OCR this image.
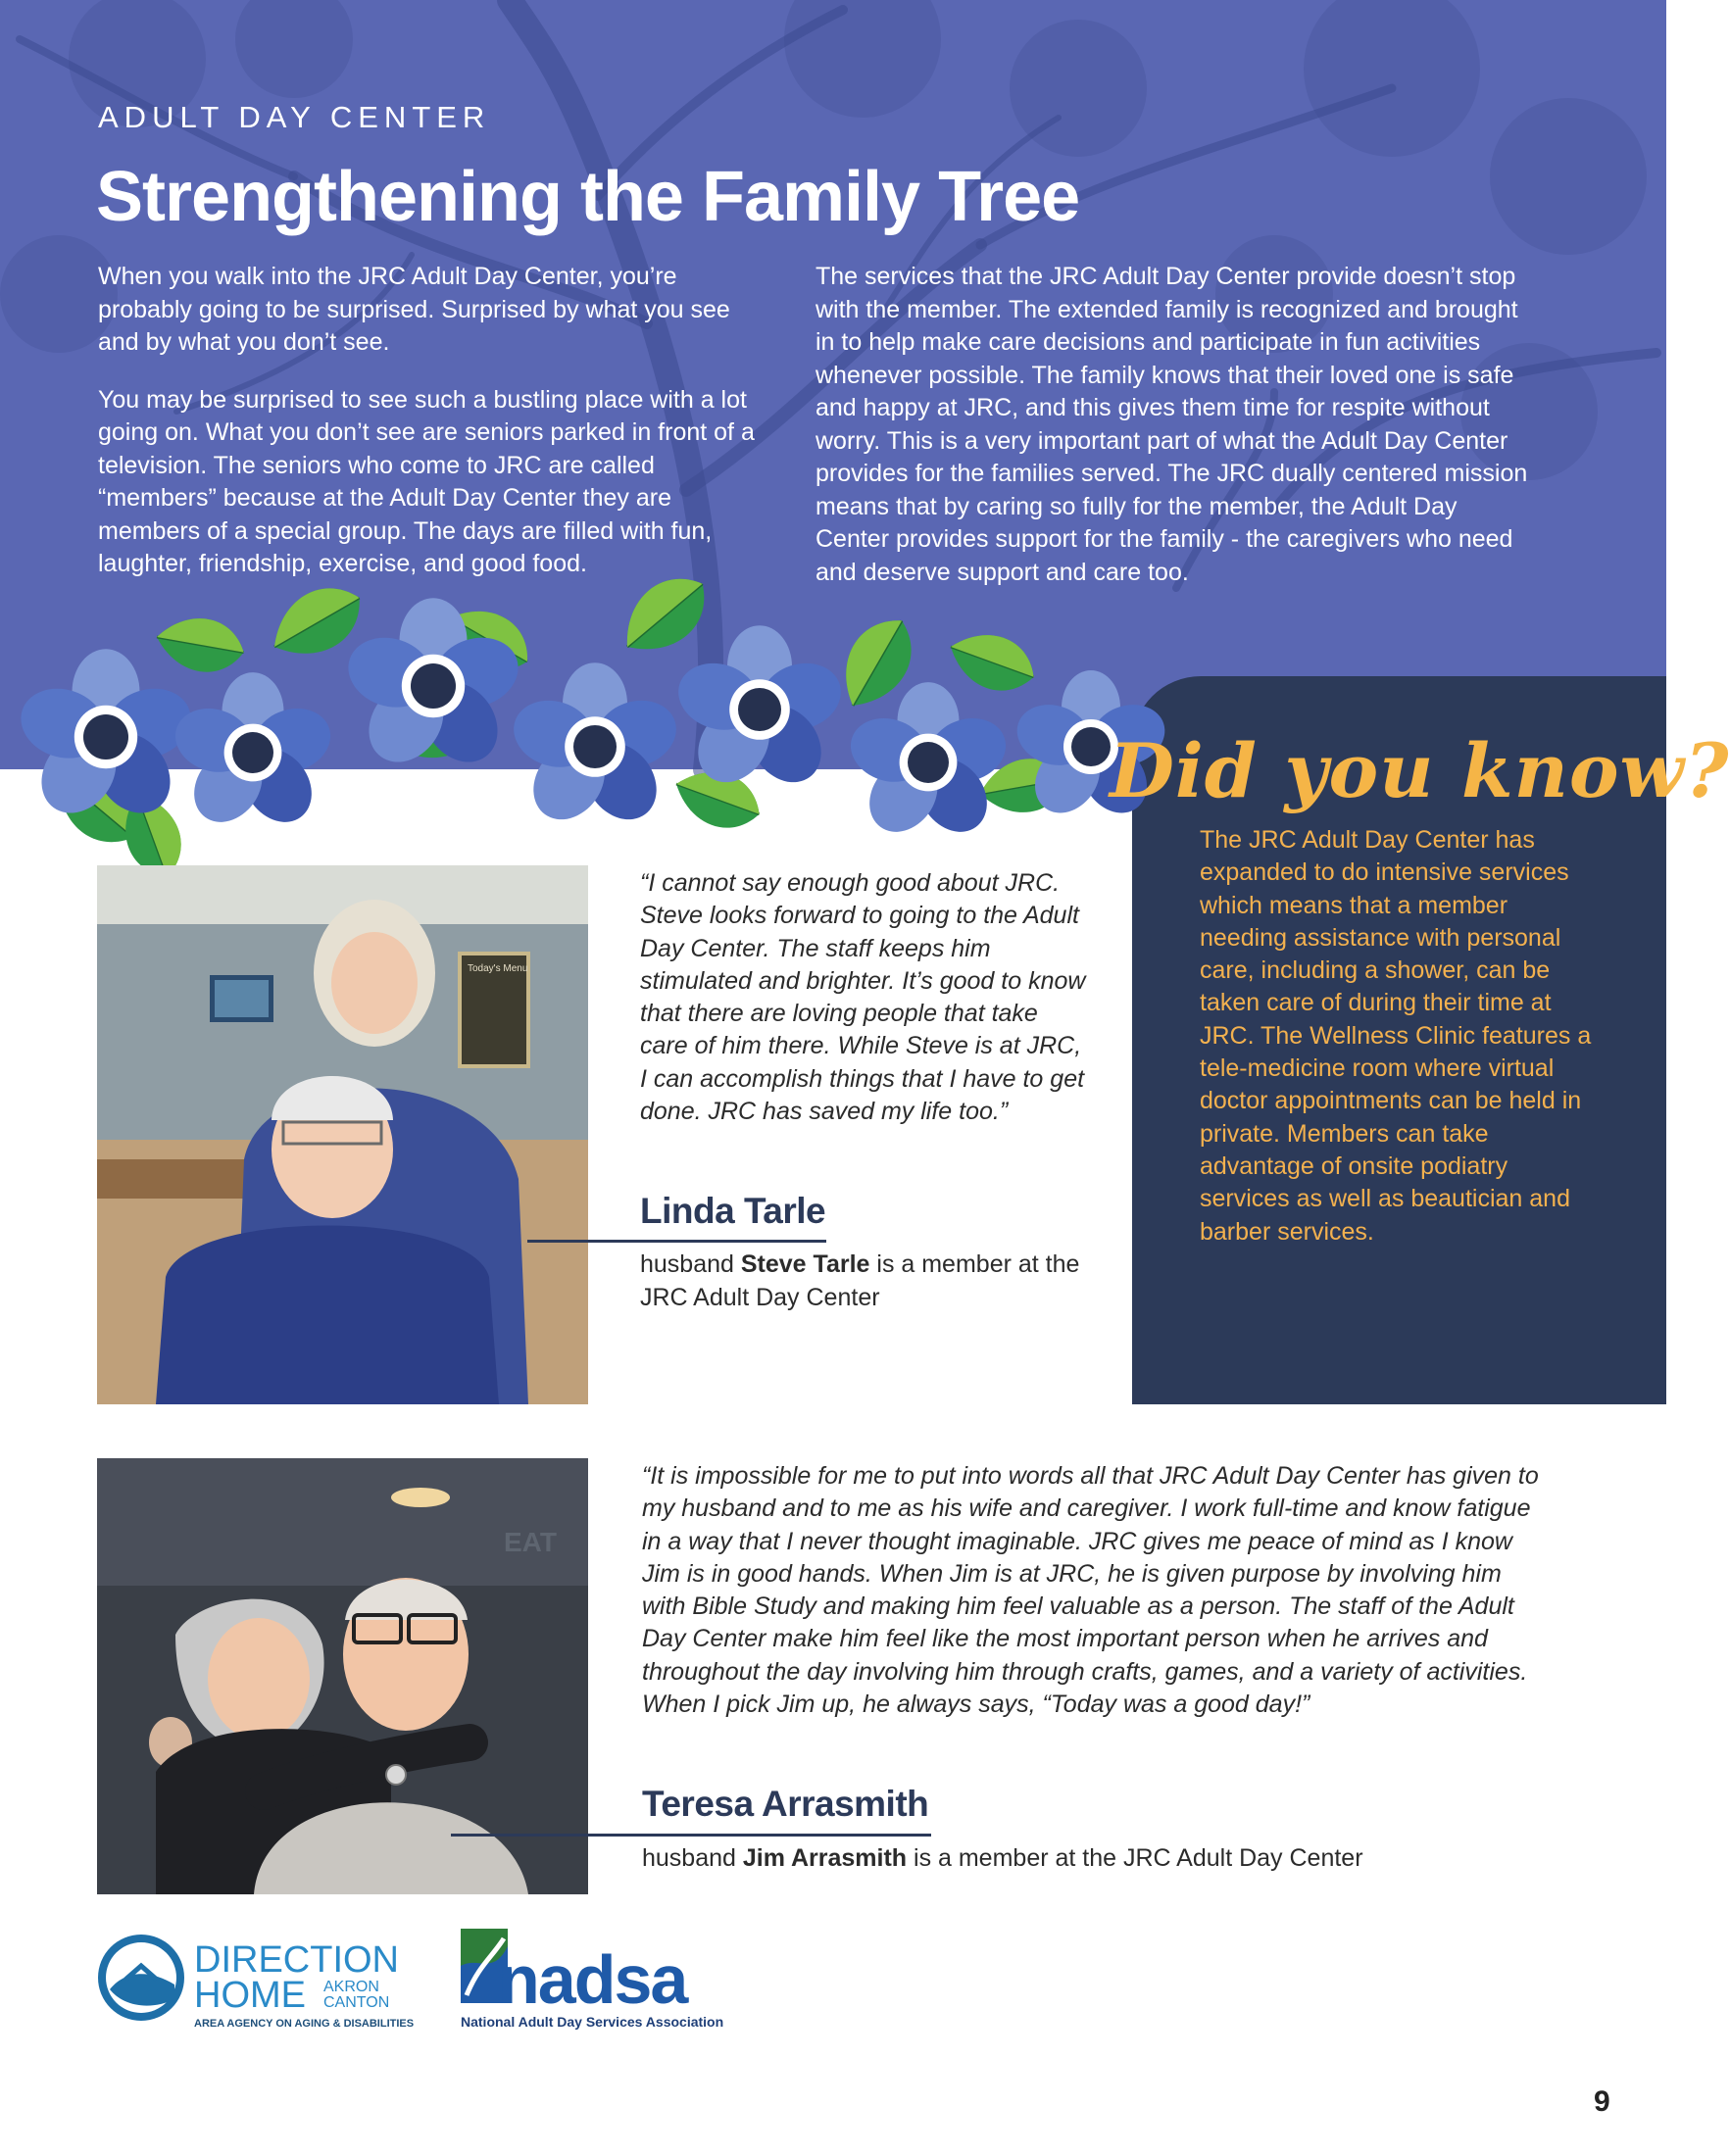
ADULT DAY CENTER
Strengthening the Family Tree

When you walk into the JRC Adult Day Center, you’re probably going to be surprised. Surprised by what you see and by what you don’t see.

You may be surprised to see such a bustling place with a lot going on. What you don’t see are seniors parked in front of a television. The seniors who come to JRC are called “members” because at the Adult Day Center they are members of a special group. The days are filled with fun, laughter, friendship, exercise, and good food.

The services that the JRC Adult Day Center provide doesn’t stop with the member. The extended family is recognized and brought in to help make care decisions and participate in fun activities whenever possible. The family knows that their loved one is safe and happy at JRC, and this gives them time for respite without worry. This is a very important part of what the Adult Day Center provides for the families served. The JRC dually centered mission means that by caring so fully for the member, the Adult Day Center provides support for the family - the caregivers who need and deserve support and care too.

Did you know?
The JRC Adult Day Center has expanded to do intensive services which means that a member needing assistance with personal care, including a shower, can be taken care of during their time at JRC. The Wellness Clinic features a tele-medicine room where virtual doctor appointments can be held in private. Members can take advantage of onsite podiatry services as well as beautician and barber services.
Today's Menu
“I cannot say enough good about JRC. Steve looks forward to going to the Adult Day Center. The staff keeps him stimulated and brighter. It’s good to know that there are loving people that take care of him there. While Steve is at JRC, I can accomplish things that I have to get done. JRC has saved my life too.”
Linda Tarle
husband Steve Tarle is a member at the JRC Adult Day Center
EAT
“It is impossible for me to put into words all that JRC Adult Day Center has given to my husband and to me as his wife and caregiver. I work full-time and know fatigue in a way that I never thought imaginable. JRC gives me peace of mind as I know Jim is in good hands. When Jim is at JRC, he is given purpose by involving him with Bible Study and making him feel valuable as a person. The staff of the Adult Day Center make him feel like the most important person when he arrives and throughout the day involving him through crafts, games, and a variety of activities. When I pick Jim up, he always says, “Today was a good day!”
Teresa Arrasmith
husband Jim Arrasmith is a member at the JRC Adult Day Center
DIRECTION
HOME AKRON
CANTON
AREA AGENCY ON AGING & DISABILITIES
nadsa
National Adult Day Services Association
9
